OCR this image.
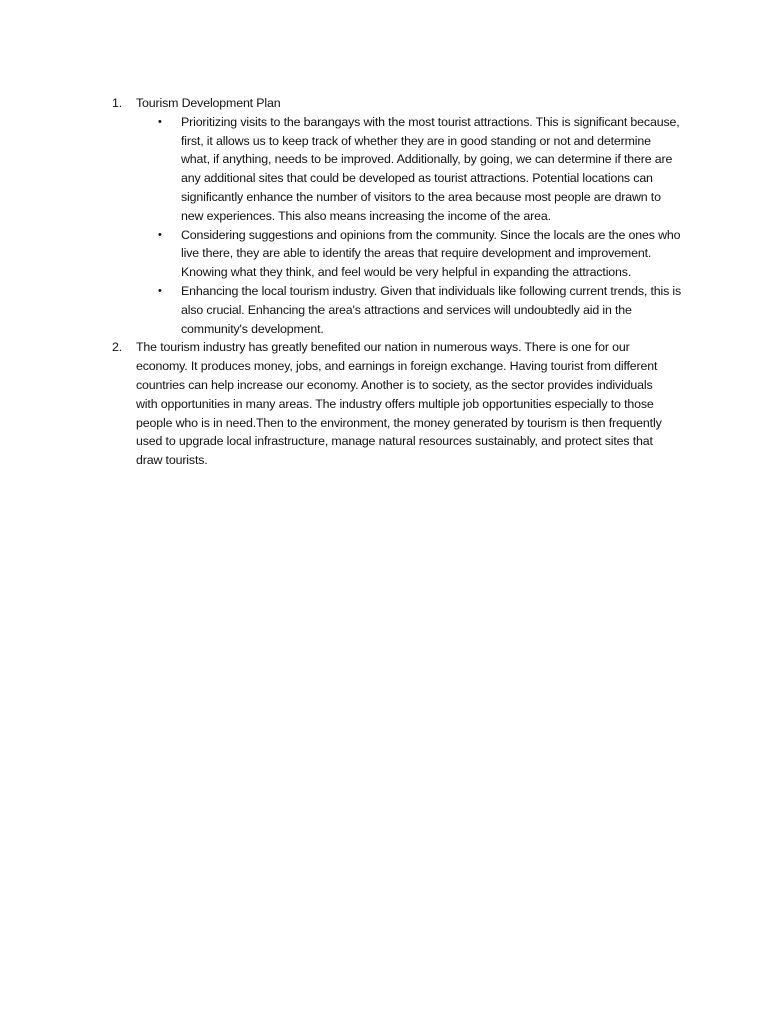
1.	Tourism Development Plan
•	Prioritizing visits to the barangays with the most tourist attractions. This is significant because, first, it allows us to keep track of whether they are in good standing or not and determine what, if anything, needs to be improved. Additionally, by going, we can determine if there are any additional sites that could be developed as tourist attractions. Potential locations can significantly enhance the number of visitors to the area because most people are drawn to new experiences. This also means increasing the income of the area.
•	Considering suggestions and opinions from the community. Since the locals are the ones who live there, they are able to identify the areas that require development and improvement. Knowing what they think, and feel would be very helpful in expanding the attractions.
•	Enhancing the local tourism industry. Given that individuals like following current trends, this is also crucial. Enhancing the area's attractions and services will undoubtedly aid in the community's development.
2.	The tourism industry has greatly benefited our nation in numerous ways. There is one for our economy. It produces money, jobs, and earnings in foreign exchange. Having tourist from different countries can help increase our economy. Another is to society, as the sector provides individuals with opportunities in many areas. The industry offers multiple job opportunities especially to those people who is in need.Then to the environment, the money generated by tourism is then frequently used to upgrade local infrastructure, manage natural resources sustainably, and protect sites that draw tourists.
